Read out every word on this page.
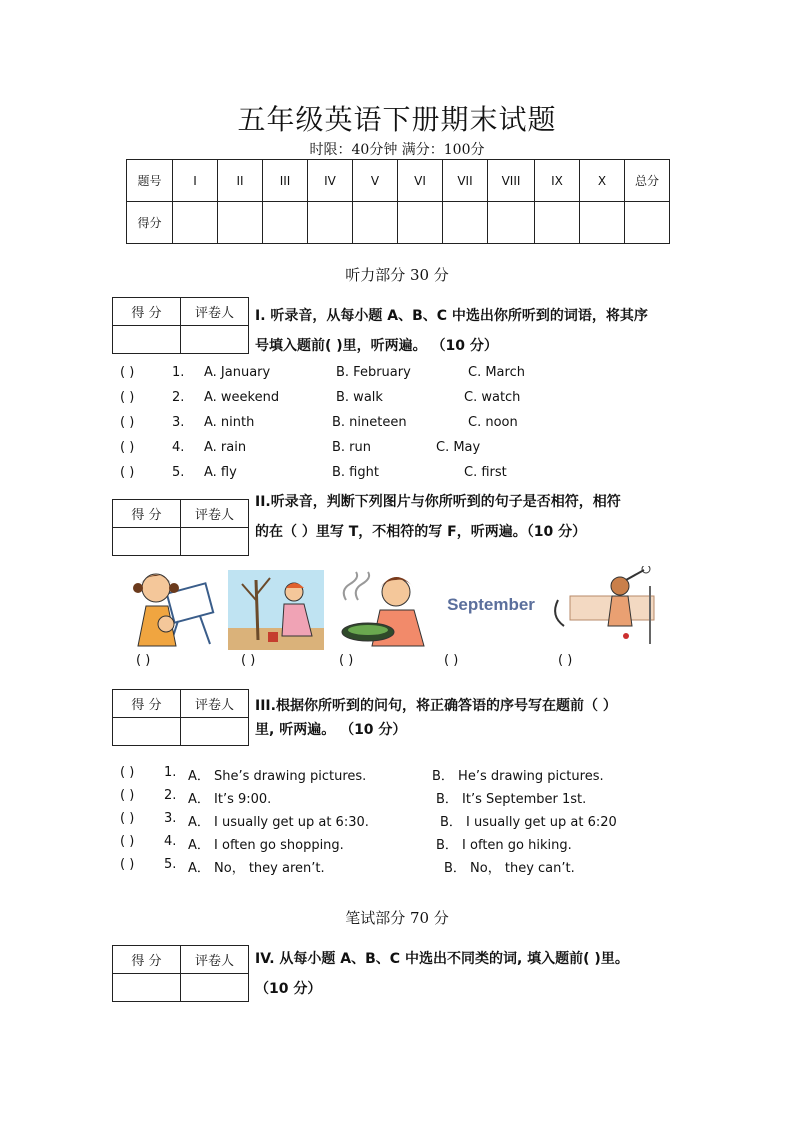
五年级英语下册期末试题
时限：40分钟 满分：100分
题号	I	II	III	IV	V	VI	VII	VIII	IX	X	总分
得分											
听力部分 30 分
得 分	评卷人
	I. 听录音，从每小题 A、B、C 中选出你所听到的词语，将其序
号填入题前( )里，听两遍。 （10 分）
( )	1. A. January	B. February	C. March
( )	2. A. weekend	B. walk	C. watch
( )	3. A. ninth	B. nineteen	C. noon
( )	4. A. rain	B. run	C. May
( )	5. A. fly	B. fight	C. first
得 分	评卷人

II.听录音，判断下列图片与你所听到的句子是否相符，相符
的在（ ）里写 T，不相符的写 F，听两遍。（10 分）
September
( )	( )	( )	( )	( )
得 分	评卷人
	III.根据你所听到的问句，将正确答语的序号写在题前（ ）
里, 听两遍。 （10 分）
( ) 1. A． She’s drawing pictures.	B． He’s drawing pictures.
( ) 2. A． It’s 9:00.	B． It’s September 1st.
( ) 3. A． I usually get up at 6:30.	B． I usually get up at 6:20
( ) 4. A． I often go shopping.	B． I often go hiking.
( ) 5. A． No， they aren’t.	B． No， they can’t.
笔试部分 70 分
得 分	评卷人
	IV. 从每小题 A、B、C 中选出不同类的词, 填入题前( )里。
（10 分）
